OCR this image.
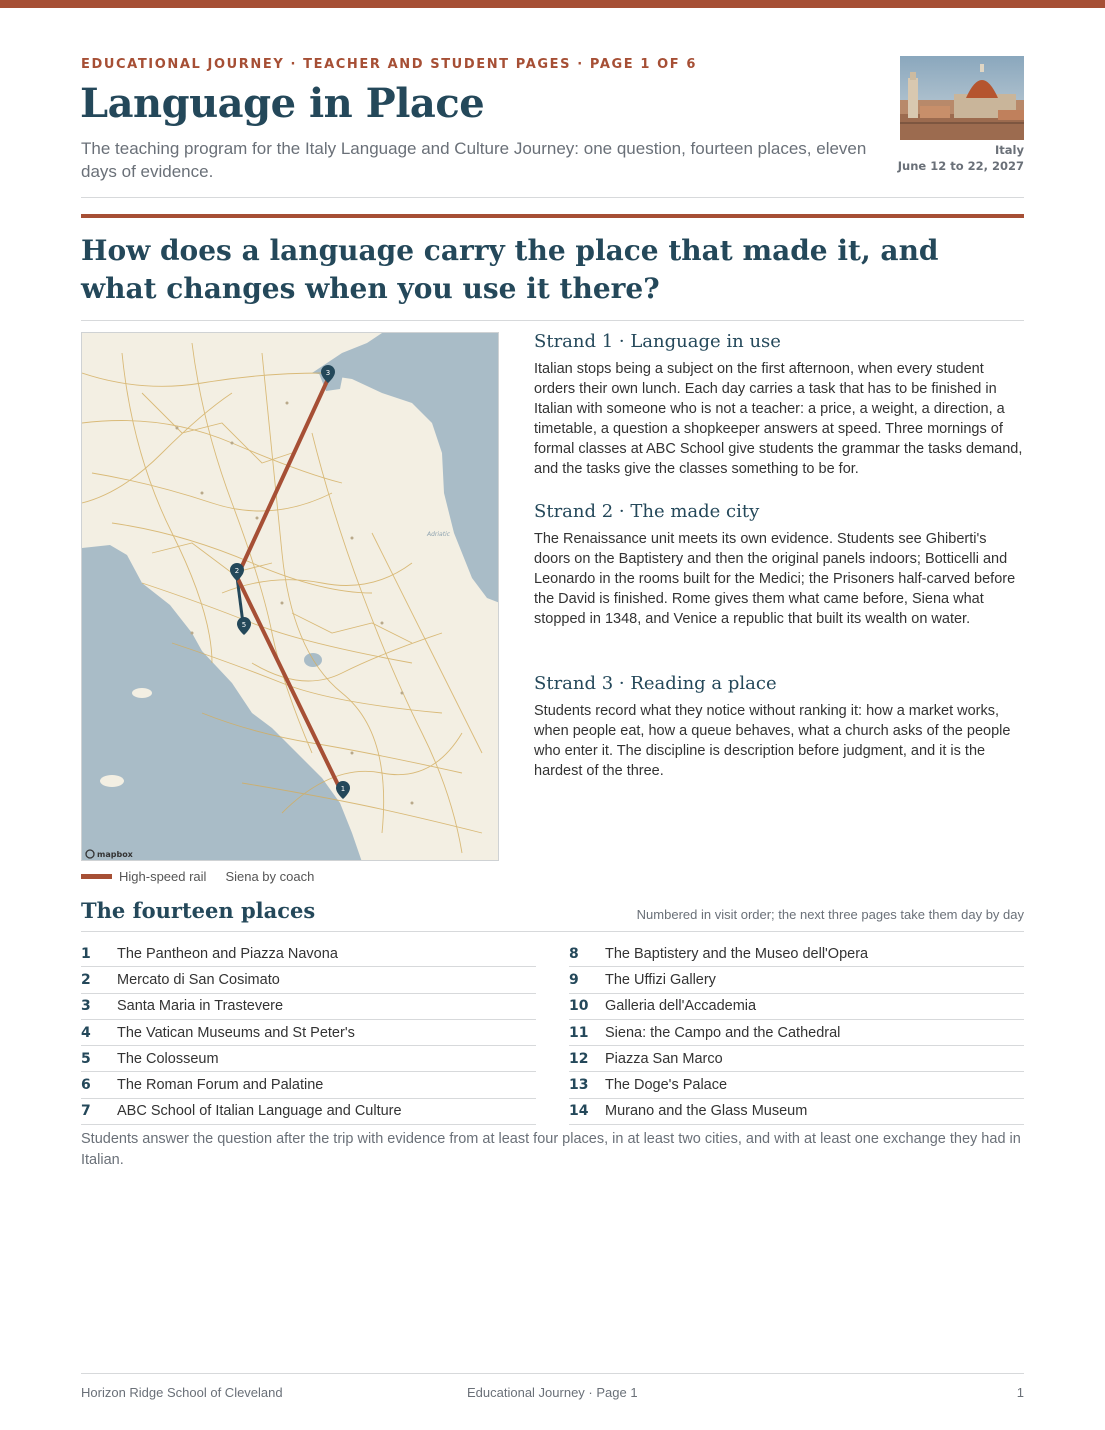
EDUCATIONAL JOURNEY · TEACHER AND STUDENT PAGES · PAGE 1 OF 6
Language in Place

The teaching program for the Italy Language and Culture Journey: one question, fourteen places, eleven days of evidence.

Italy
June 12 to 22, 2027
How does a language carry the place that made it, and what changes when you use it there?
3
2
5
1
Adriatic
mapbox
High-speed rail Siena by coach
Strand 1 · Language in use

Italian stops being a subject on the first afternoon, when every student orders their own lunch. Each day carries a task that has to be finished in Italian with someone who is not a teacher: a price, a weight, a direction, a timetable, a question a shopkeeper answers at speed. Three mornings of formal classes at ABC School give students the grammar the tasks demand, and the tasks give the classes something to be for.

Strand 2 · The made city

The Renaissance unit meets its own evidence. Students see Ghiberti's doors on the Baptistery and then the original panels indoors; Botticelli and Leonardo in the rooms built for the Medici; the Prisoners half-carved before the David is finished. Rome gives them what came before, Siena what stopped in 1348, and Venice a republic that built its wealth on water.

Strand 3 · Reading a place

Students record what they notice without ranking it: how a market works, when people eat, how a queue behaves, what a church asks of the people who enter it. The discipline is description before judgment, and it is the hardest of the three.

The fourteen places	Numbered in visit order; the next three pages take them day by day
1	The Pantheon and Piazza Navona
2	Mercato di San Cosimato
3	Santa Maria in Trastevere
4	The Vatican Museums and St Peter's
5	The Colosseum
6	The Roman Forum and Palatine
7	ABC School of Italian Language and Culture
8	The Baptistery and the Museo dell'Opera
9	The Uffizi Gallery
10	Galleria dell'Accademia
11	Siena: the Campo and the Cathedral
12	Piazza San Marco
13	The Doge's Palace
14	Murano and the Glass Museum

Students answer the question after the trip with evidence from at least four places, in at least two cities, and with at least one exchange they had in Italian.

Horizon Ridge School of Cleveland	Educational Journey · Page 1	1
